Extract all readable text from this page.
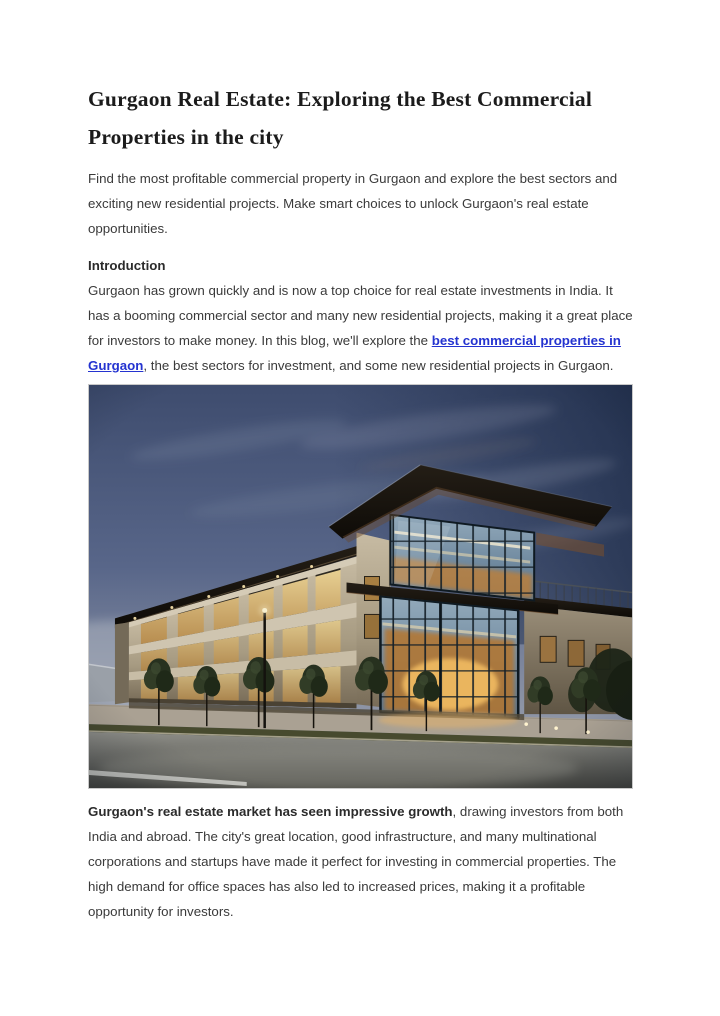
Gurgaon Real Estate: Exploring the Best Commercial Properties in the city

Find the most profitable commercial property in Gurgaon and explore the best sectors and exciting new residential projects. Make smart choices to unlock Gurgaon's real estate opportunities.

Introduction

Gurgaon has grown quickly and is now a top choice for real estate investments in India. It has a booming commercial sector and many new residential projects, making it a great place for investors to make money. In this blog, we'll explore the best commercial properties in Gurgaon, the best sectors for investment, and some new residential projects in Gurgaon.

Gurgaon's real estate market has seen impressive growth, drawing investors from both India and abroad. The city's great location, good infrastructure, and many multinational corporations and startups have made it perfect for investing in commercial properties. The high demand for office spaces has also led to increased prices, making it a profitable opportunity for investors.
